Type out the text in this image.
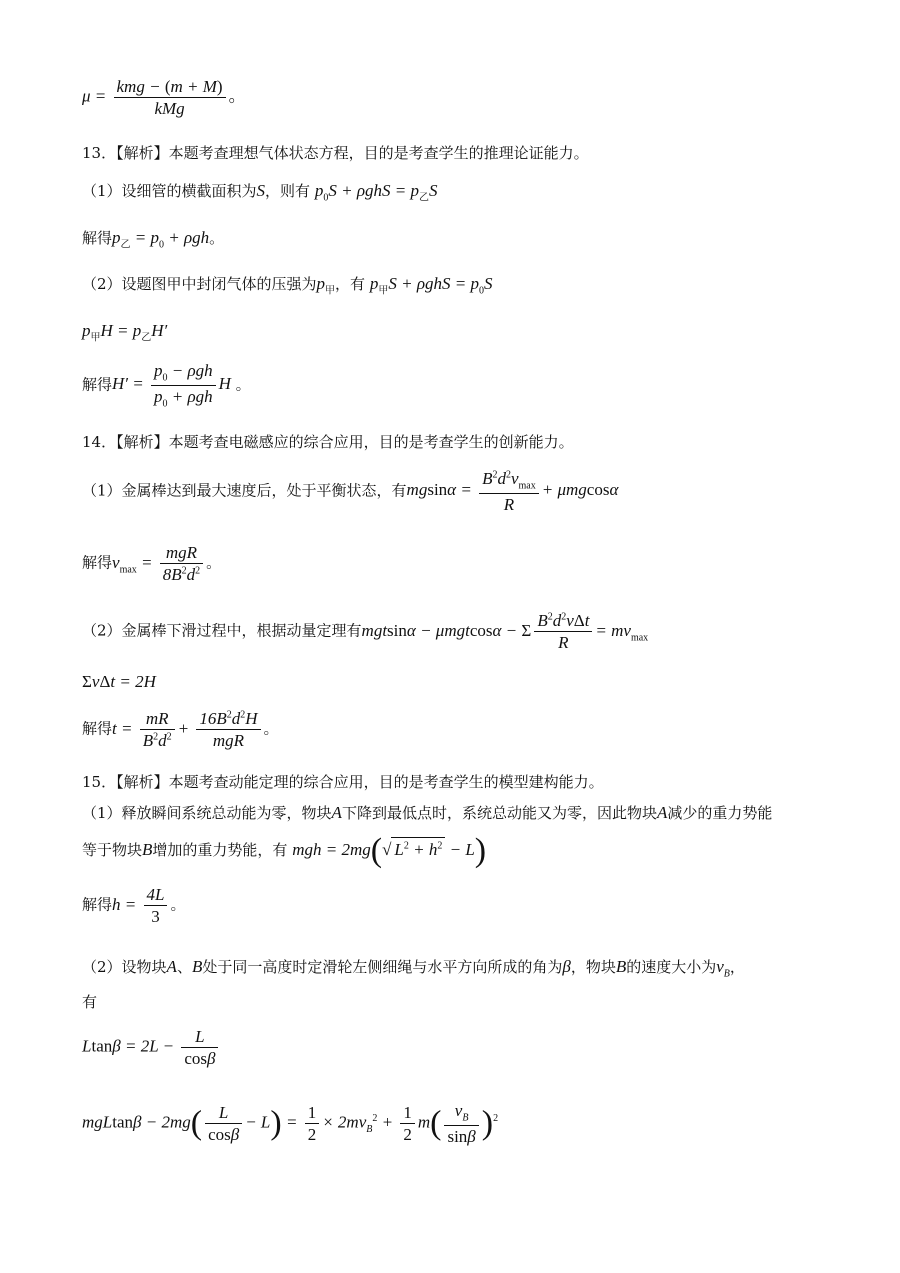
μ =
kmg − (m + M)
kMg
。
13．【解析】本题考查理想气体状态方程，目的是考查学生的推理论证能力。
（1）设细管的横截面积为S，则有 $p_0S + \rho ghS = p_乙S$
解得$p_乙 = p_0 + \rho gh$。
（2）设题图甲中封闭气体的压强为$p_甲$，有 $p_甲S + \rho ghS = p_0S$
$p_甲H = p_乙H'$
解得H′ =
$p_0 - \rho gh$
$p_0 + \rho gh$
H 。
14．【解析】本题考查电磁感应的综合应用，目的是考查学生的创新能力。
（1）金属棒达到最大速度后，处于平衡状态，有mgsinα =
$B^2d^2v_{max}$
R
+ μmgcosα
解得$v_{max}$ =
mgR
$8B^2d^2$ 。
（2）金属棒下滑过程中，根据动量定理有mgtsinα − μmgtcosα − Σ
$B^2d^2v\Delta t$
R
= $mv_{max}$
ΣvΔt = 2H
解得$t = \frac{mR}{B^2d^2}$ +
$16B^2d^2H$
mgR
。
15．【解析】本题考查动能定理的综合应用，目的是考查学生的模型建构能力。
（1）释放瞬间系统总动能为零，物块A下降到最低点时，系统总动能又为零，因此物块A减少的重力势能
等于物块B增加的重力势能，有 mgh = 2mg(√ $L^2 + h^2 - L$)
解得$h = \frac{4L}{3}$ 。
（2）设物块A、B处于同一高度时定滑轮左侧细绳与水平方向所成的角为β，物块B的速度大小为$v_B$，
有
$Ltan\beta = 2L - \frac{L}{\cos\beta}$
$mgLtan\beta - 2mg( \frac{L}{\cos\beta} - L) = \frac{1}{2} \times 2mv_B^2 + \frac{1}{2} m( \frac{v_B}{\sin\beta} )^2$
